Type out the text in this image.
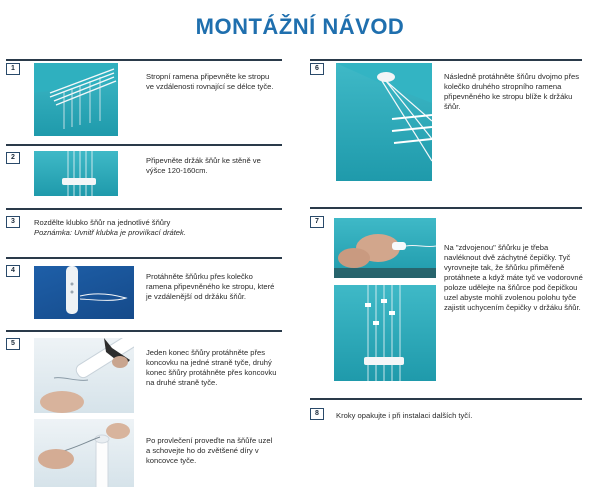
MONTÁŽNÍ NÁVOD
1
Stropní ramena připevněte ke stropu ve vzdálenosti rovnající se délce tyče.
2	Připevněte držák šňůr ke stěně ve výšce 120-160cm.
3	Rozdělte klubko šňůr na jednotlivé šňůry
Poznámka: Uvnitř klubka je proviíkací drátek.
4
Protáhněte šňůrku přes kolečko ramena připevněného ke stropu, které je vzdálenější od držáku šňůr.
5
Jeden konec šňůry protáhněte přes koncovku na jedné straně tyče, druhý konec šňůry protáhněte přes koncovku na druhé straně tyče.
Po provlečení proveďte na šňůře uzel a schovejte ho do zvětšené díry v koncovce tyče.
6
Následně protáhněte šňůru dvojmo přes kolečko druhého stropního ramena připevněného ke stropu blíže k držáku šňůr.
7
Na "zdvojenou" šňůrku je třeba navléknout dvě záchytné čepičky. Tyč vyrovnejte tak, že šňůrku přiměřeně protáhnete a když máte tyč ve vodorovné poloze udělejte na šňůrce pod čepičkou uzel abyste mohli zvolenou polohu tyče zajistit uchycením čepičky v držáku šňůr.
8	Kroky opakujte i při instalaci dalších tyčí.
